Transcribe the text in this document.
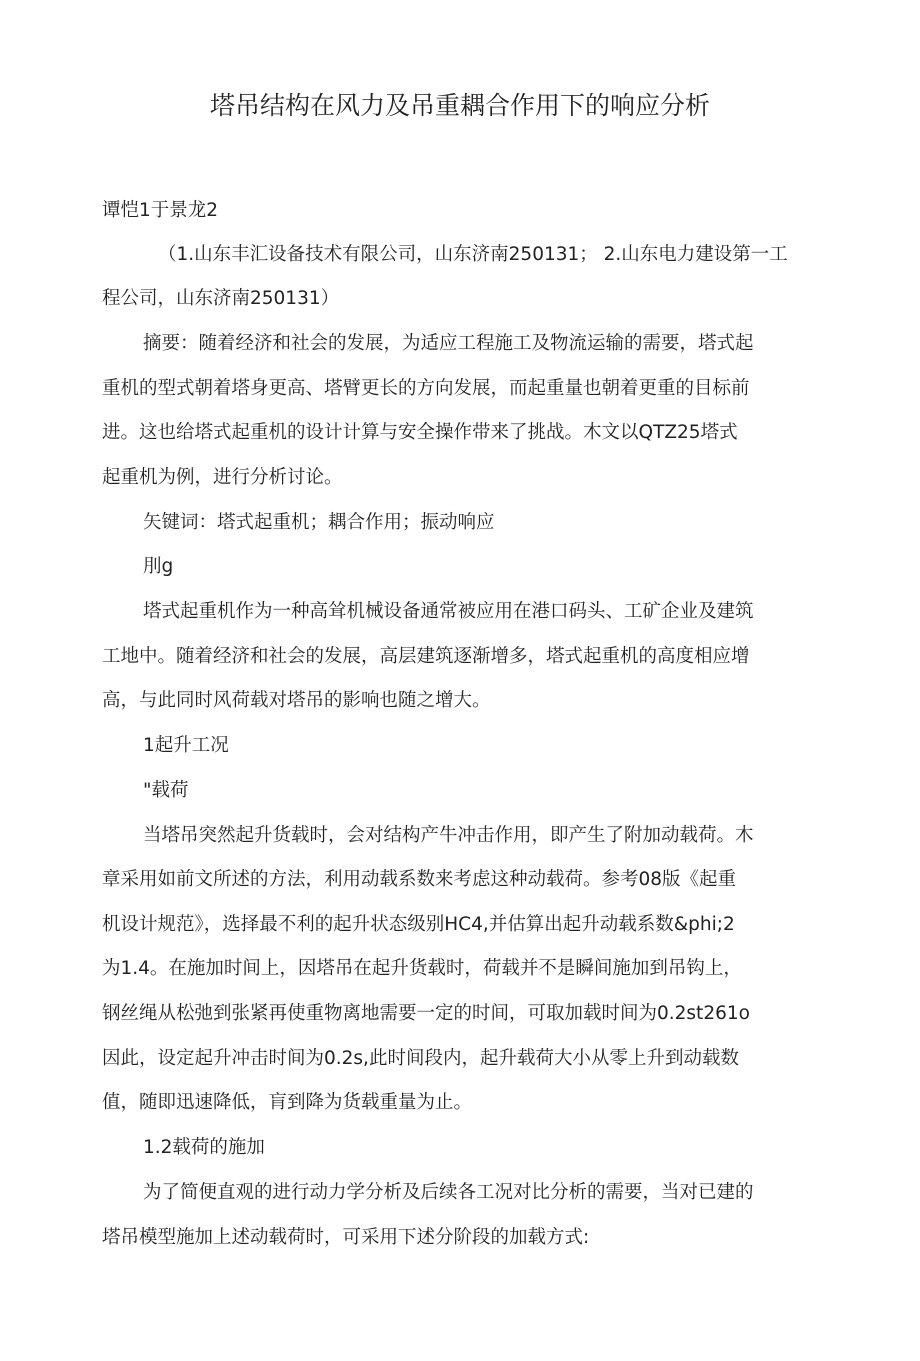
塔吊结构在风力及吊重耦合作用下的响应分析
谭恺1于景龙2
（1.山东丰汇设备技术有限公司，山东济南250131； 2.山东电力建设第一工
程公司，山东济南250131）
摘要：随着经济和社会的发展，为适应工程施工及物流运输的需要，塔式起
重机的型式朝着塔身更高、塔臂更长的方向发展，而起重量也朝着更重的目标前
进。这也给塔式起重机的设计计算与安全操作带来了挑战。木文以QTZ25塔式
起重机为例，进行分析讨论。
矢键词：塔式起重机；耦合作用；振动响应
刖g
塔式起重机作为一种高耸机械设备通常被应用在港口码头、工矿企业及建筑
工地中。随着经济和社会的发展，高层建筑逐渐增多，塔式起重机的高度相应增
高，与此同时风荷载对塔吊的影响也随之增大。
1起升工况
"载荷
当塔吊突然起升货载时，会对结构产牛冲击作用，即产生了附加动载荷。木
章采用如前文所述的方法，利用动载系数来考虑这种动载荷。参考08版《起重
机设计规范》，选择最不利的起升状态级别HC4,并估算出起升动载系数&phi;2
为1.4。在施加时间上，因塔吊在起升货载时，荷载并不是瞬间施加到吊钩上，
钢丝绳从松弛到张紧再使重物离地需要一定的时间，可取加载时间为0.2st261o
因此，设定起升冲击时间为0.2s,此时间段内，起升载荷大小从零上升到动载数
值，随即迅速降低，肓到降为货载重量为止。
1.2载荷的施加
为了简便直观的进行动力学分析及后续各工况对比分析的需要，当对已建的
塔吊模型施加上述动载荷时，可采用下述分阶段的加载方式:
